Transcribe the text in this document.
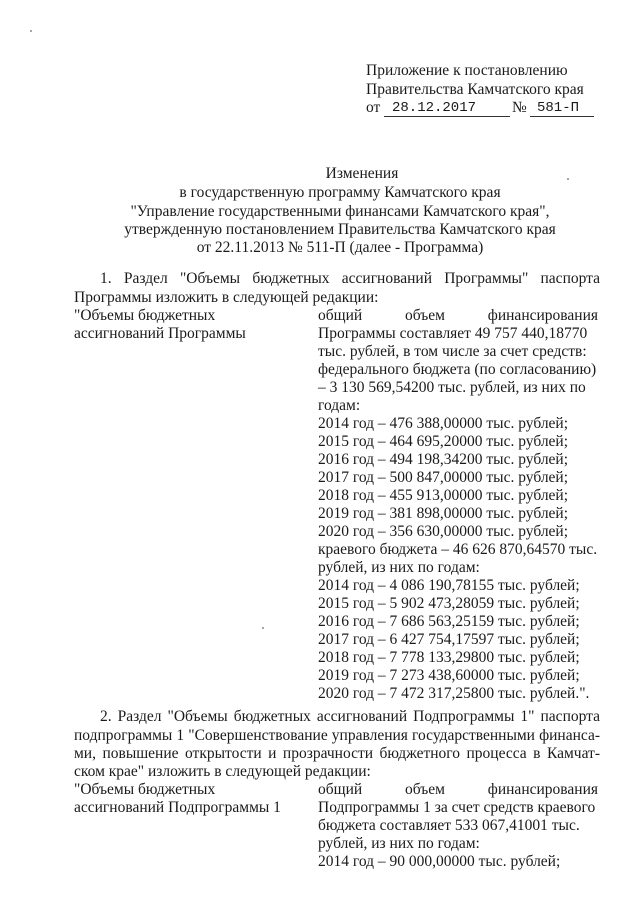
Приложение к постановлению
Правительства Камчатского края
от 28.12.2017 № 581-П
Изменения
в государственную программу Камчатского края
"Управление государственными финансами Камчатского края",
утвержденную постановлением Правительства Камчатского края
от 22.11.2013 № 511-П (далее - Программа)
1. Раздел "Объемы бюджетных ассигнований Программы" паспорта
Программы изложить в следующей редакции:
"Объемы бюджетных
ассигнований Программы
общий объем финансирования
Программы составляет 49 757 440,18770
тыс. рублей, в том числе за счет средств:
федерального бюджета (по согласованию)
– 3 130 569,54200 тыс. рублей, из них по
годам:
2014 год – 476 388,00000 тыс. рублей;
2015 год – 464 695,20000 тыс. рублей;
2016 год – 494 198,34200 тыс. рублей;
2017 год – 500 847,00000 тыс. рублей;
2018 год – 455 913,00000 тыс. рублей;
2019 год – 381 898,00000 тыс. рублей;
2020 год – 356 630,00000 тыс. рублей;
краевого бюджета – 46 626 870,64570 тыс.
рублей, из них по годам:
2014 год – 4 086 190,78155 тыс. рублей;
2015 год – 5 902 473,28059 тыс. рублей;
2016 год – 7 686 563,25159 тыс. рублей;
2017 год – 6 427 754,17597 тыс. рублей;
2018 год – 7 778 133,29800 тыс. рублей;
2019 год – 7 273 438,60000 тыс. рублей;
2020 год – 7 472 317,25800 тыс. рублей.".
2. Раздел "Объемы бюджетных ассигнований Подпрограммы 1" паспорта
подпрограммы 1 "Совершенствование управления государственными финанса-
ми, повышение открытости и прозрачности бюджетного процесса в Камчат-
ском крае" изложить в следующей редакции:
"Объемы бюджетных
ассигнований Подпрограммы 1
общий объем финансирования
Подпрограммы 1 за счет средств краевого
бюджета составляет 533 067,41001 тыс.
рублей, из них по годам:
2014 год – 90 000,00000 тыс. рублей;
